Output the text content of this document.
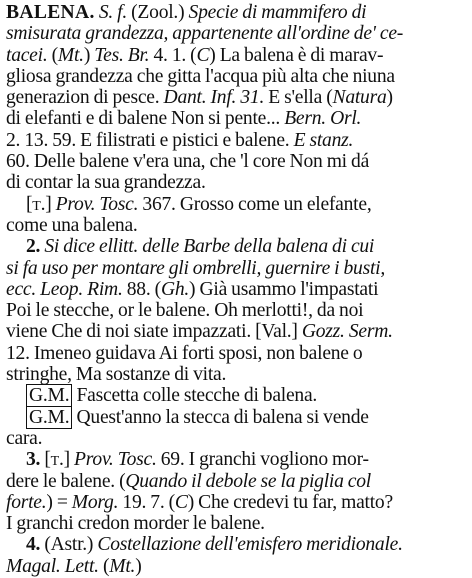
BALENA. S. f. (Zool.) Specie di mammifero di
smisurata grandezza, appartenente all'ordine de' ce-
tacei. (Mt.) Tes. Br. 4. 1. (C) La balena è di marav-
gliosa grandezza che gitta l'acqua più alta che niuna
generazion di pesce. Dant. Inf. 31. E s'ella (Natura)
di elefanti e di balene Non si pente... Bern. Orl.
2. 13. 59. E filistrati e pistici e balene. E stanz.
60. Delle balene v'era una, che 'l core Non mi dá
di contar la sua grandezza.
[t.] Prov. Tosc. 367. Grosso come un elefante,
come una balena.
2. Si dice ellitt. delle Barbe della balena di cui
si fa uso per montare gli ombrelli, guernire i busti,
ecc. Leop. Rim. 88. (Gh.) Già usammo l'impastati
Poi le stecche, or le balene. Oh merlotti!, da noi
viene Che di noi siate impazzati. [Val.] Gozz. Serm.
12. Imeneo guidava Ai forti sposi, non balene o
stringhe, Ma sostanze di vita.
G.M. Fascetta colle stecche di balena.
G.M. Quest'anno la stecca di balena si vende
cara.
3. [t.] Prov. Tosc. 69. I granchi vogliono mor-
dere le balene. (Quando il debole se la piglia col
forte.) = Morg. 19. 7. (C) Che credevi tu far, matto?
I granchi credon morder le balene.
4. (Astr.) Costellazione dell'emisfero meridionale.
Magal. Lett. (Mt.)
